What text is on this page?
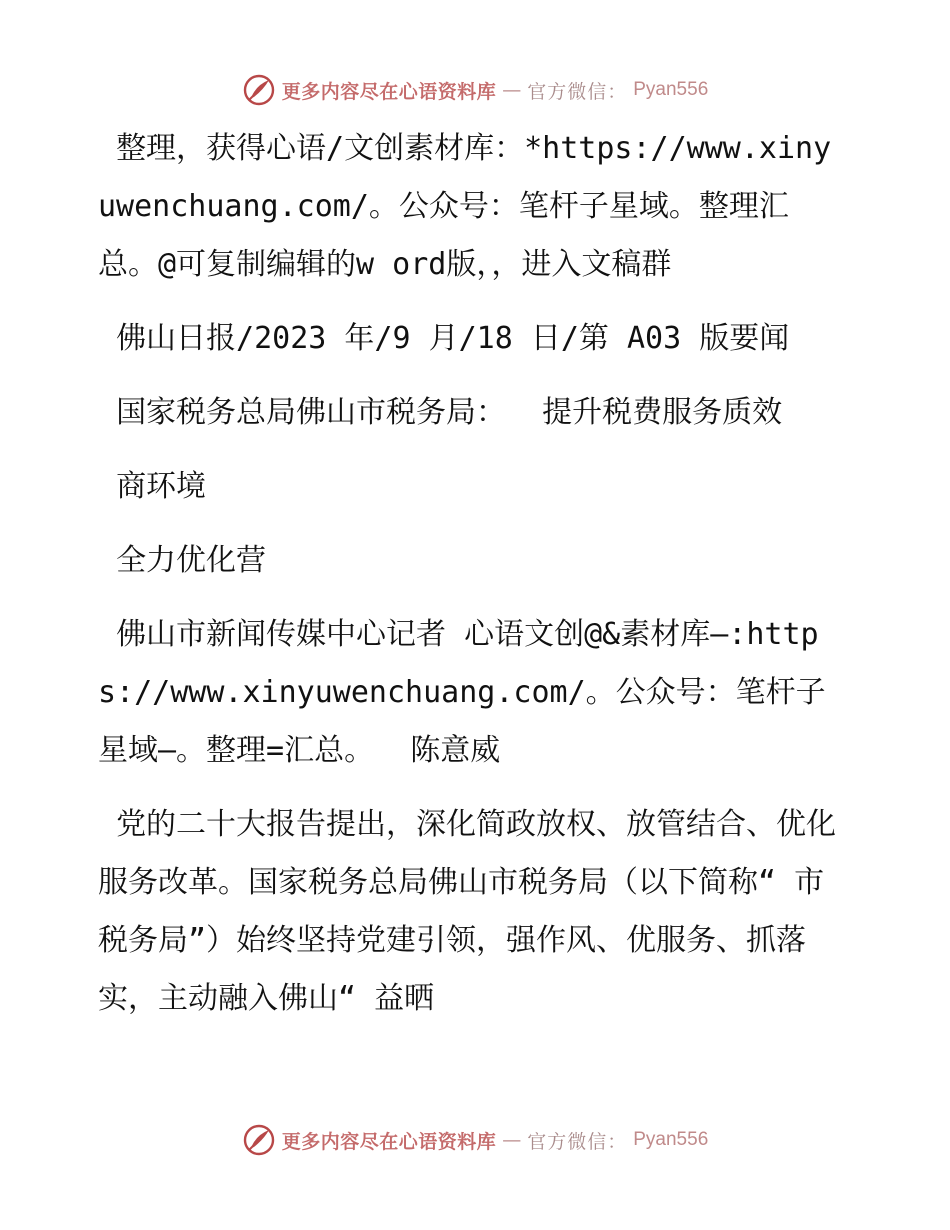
更多内容尽在心语资料库 — 官方微信： Pyan556

整理，获得心语/文创素材库：*https://www.xinyuwenchuang.com/。公众号：笔杆子星域。整理汇总。@可复制编辑的w ord版，，进入文稿群

佛山日报/2023 年/9 月/18 日/第 A03 版要闻

国家税务总局佛山市税务局：  提升税费服务质效

商环境

全力优化营

佛山市新闻传媒中心记者 心语文创@&素材库—:https://www.xinyuwenchuang.com/。公众号：笔杆子星域—。整理=汇总。  陈意威

党的二十大报告提出，深化简政放权、放管结合、优化服务改革。国家税务总局佛山市税务局（以下简称“ 市税务局”）始终坚持党建引领，强作风、优服务、抓落实，主动融入佛山“ 益晒

更多内容尽在心语资料库 — 官方微信： Pyan556
